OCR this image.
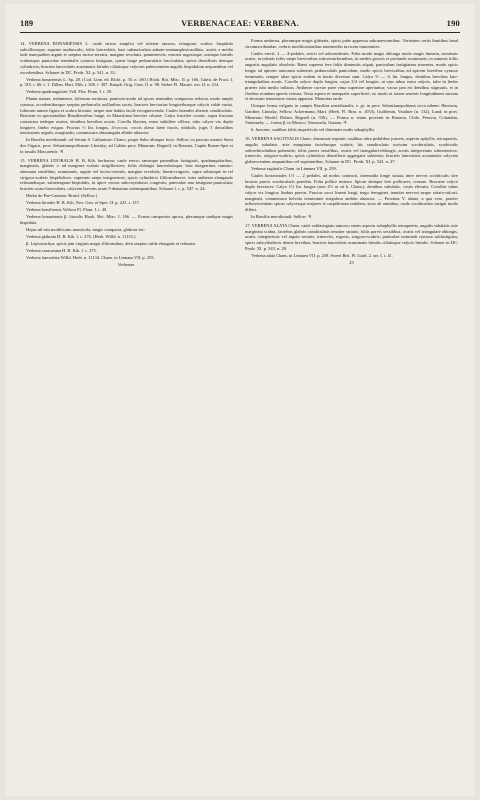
189	VERBENACEAE: VERBENA.	190

14. VERBENA BONARIENSIS L. caule stricto simplici vel inferne ramoso, tetragono, scabro, hispidulo subvillosoque, superne nudiusculo; foliis lanceolatis, basi subauriculata adnato-semiamplexicaulibus, acutis a medio inde inaequaliter argute et saepius inciso-serratis, margine revolutis, penninerviis, venosis rugosisque, utrinque hirtulis scabrisque; paniculae terminalis cymosa fastigiata, cymis longe pedunculatis fasciculatis; spicis densifloris demque cylindricis; bracteis lanceolatis acuminatis hirtulis ciliatisque calycem pubescentem angulis hispidulum aequantibus vel excedentibus. Schauer in DC. Prodr. XI. p. 541. n. 33.

Verbena bonariensis L. Sp. 28. (Cod. Linn. ed. Richt. p. 35. n. 160.) Hook. Bot. Misc. II. p. 166. Gärtn. de Fruct. I. p. 315. t. 66. f. 1. Dillen. Hort. Elth. t. 300. f. 387. Knuph. Orig. Cent. II. n. 98. Sieber Fl. Maurit. exs. II. n. 214.

Verbena quadrangularis Vell. Flor. Flum. I. t. 39.

Planta statura, indumento, foliorum serratura, panicula modo ad spicas nonnullas compactas reducta, modo amplo cymosa, accedentibusque saepius pedunculis axillaribus sacris, bracteis breviorius longioribusque calycis valde variat, foliorum tamen figura et scabra hirsutie, neque non habitu facile recognoscenda. Caules laterales alternis canaliculatis. Bracteae in speciminibus Brasiliensibus longe, in Mauritiana breviter ciliatae. Calyx fructifer ovatus, supra fructum contractus indeque acutus, dentibus brevibus acutis. Corolla lilacina, extus subtiliter villosa, tubo calyce vix duplo longiore, limbo exiguo. Fructus ½ lin. longus, 4-coccus, coccis dorso laete fuscis, nitidulis, jugis 3 dorsalibus tenuissimis argutis, marginalis, commissura obtusangula albido-alutacea.

In Brasilia meridionali: ad fretum S. Catharinae: Cham.; prope Salto altinque locis: Sellow; in pascuis montis Serra dos Orgaos, prov. Sebastianopolitanae: Lhotzky; ad Caldas prov. Minarum: Regnell; in Bonaria, Capite Bonae-Spei et in insulis Mascarenis. ♃

15. VERBENA LITORALIS H. B. Kth. herbacea; caule erecto ramisque patentibus fastigiatis, quadrangularibus, marginatis, glabris v. ad margines scabris strigillosisve; foliis oblongis lanceolatisque, basi integerrima cuneato-attenuata sessilibus, acuminatis, argute vel inciso-serratis, margine revolutis, lineato-rugosis, supra subtusque in rel strigoso-scabris hispidulisve, supremis saepe integerrimis; spicis cylindricis filiformibusve, inter anthesin elongando relaxandisque, subtetragono-hispidulis, in apice versus subcorymbosis congestis; paniculae ana fastigiato-paniculata; bracteis ovato-lanceolatis, calycem brevem acute 5-dentatum subaequantibus. Schauer l. c. p. 547. n. 24.

Herba do Pae-Caetano: Brasil. (Sellow.)

Verbena litoralis H. B. Kth. Nov. Gen. et Spec. II. p. 223. t. 137.

Verbena brasiliensis Velloso Fl. Flum. I. t. 40.

Verbena bonariensis β. litoralis Hook. Bot. Misc. I. 166. — Forma campestris aprica, plerumque undique magis hispidula.

Hujus nil nisi modificatio monticola, magis compacta, glabrior est:

Verbena glabrata H. B. Kth. l. c. 276. (Herb. Willd. n. 11133.)

β. Leptostachya: spicis jam virginis magis filiformibus, dein saepius valde elongatis et relaxatis.

Verbena caracasana H. B. Kth. l. c. 275.

Verbena lanceolata Willd. Herb. n. 11134. Cham. in Linnaea VII. p. 255.

Verbenae.

Forma umbrosa, plerumque magis glabrata, spicis pube appressa subcanescentibus. Varietates certis limitibus haud circumscribendae, crebris modificationibus intermediis invicem transeuntes.

Caules erecti, 2 — 4-pedales, stricti vel adscendentes. Folia modo magis oblonga modo magis linearia, serraturis acutis, in infimis foliis saepe brevioribus subcrenaeformibus, in mediis grossis et profunde acuminatis; in summis foliis angustis angulatis obsoletis. Rami supremi fere foliis diminutis stipati, paniculam fastigiatam struentes, modo spicis longis ad apicem ramorum subternis pedunculatis paniculam, modo spicis brevioribus ad apicem brevibus cymose terminatis; semper aliae spicis eodem in hortis diversae sunt. Calyx ⅔ — ¾ lin. longus, dentibus brevibus lato-triangularibus acutis. Corolla calyce duplo longior, cujus 3/4 vel longior, ut ejus tubus extra calycis, tubo in limbo praeter tubi medio inflatus. Antherae curvae pone rima superiore aperiuntur; vacua jam est dentibus stigmatis, et in floribus nondum apertis retrusa. Testa aspera et inaequalis superficiei, eo modo ut totam seminis longitudinem sursum et deorsum tenuissime striata appareat. Maturitas tarde.

Utraque forma vulgaris in campis Brasiliae meridionalis, e. gr. in prov. Sebastianopolitana circa urbem: Harrison, Gardner, Lhotzky, Sellow, Ackermann, Mart. (Herb. Fl. Bras. n. 1053), Guillemin, Vauthier (n. 132), Lund; in prov. Minarum: Riedel, Rohen, Regnell (n. 336). — Forma n. etiam provenit in Bonaria, Chile, Peruvia, Columbia, Venezuela; — forma β. in Mexico, Venezuela, Guiana. ♃

b. Junceae, caulibus foliis imperfectis vel diminutis nudis subaphyllis.

16. VERBENA SAGITTALIS Cham. rhizomate repente; caulibus ultra pedalibus junceis, aspectu aphyllis, tetraquetris, angulis subalatis, acie marginata faciebusque scabris; his canaliculatis scrissim scrobiculatis, scrobiculis subverbiculatibus puberulis; foliis parvis sessilibus, ovatis vel triangulari-oblongis, acutis integerrimis subserratisve, trinerviis, strigoso-scabris; spicis cylindricis densifloris aggregatis subternis; bracteis lanceolatis acuminatis calycem glabrescentem aequantibus vel superantibus. Schauer in DC. Prodr. XI. p. 543. n. 27.

Verbena sagittalis Cham. in Linnaea VII. p. 259.

Caules horizontales 1½ — 2 pedales, ad nodos contracti, internodia longe striata, inter nervos scrobiculis sive lacunis parvis scrobiculatis praedita. Folia pollice minora. Spicae denique fere pollicares, crassae. Bracteae calyce duplo breviores. Calyx 1⅓ lin. longus (non 4⅓ ut sit h. Cham.), dentibus subulatis, costis elevatis. Corollae tubus calyce vix longior; limbus parvus. Fructus cocci lineari longi, tergo ferruginei, tenuiter nervosi neque striato-sulcati, marginati, commissura helvola tenuissime strigulosa ambitu alutacea. — Proxima V. alatae, a qua vero, praeter inflorescentiam spicas calycesque majores et carpidiorum indolem, sicut ab omnibus, caule scrobiculato insigni modo differt.

In Brasilia meridionali: Sellow. ♃

17. VERBENA ALATA Cham. caule subfastigiato ramoso; ramis aspectu subaphyllis tetraquetris, angulis subalatis acie marginata scabra, faciebus glabris canaliculatis tenuiter striatis; foliis parvis sessilibus, ovatis vel triangulari-oblongis, acutis, integerrimis vel argute serratis, trinerviis, rugosis, strigoso-scabris; paniculae terminali cymosa subfastigiata; spicis subcylindricis densis brevibus, bracteis lanceolatis acuminatis hirtulis ciliatisque calycis hirtulis. Schauer in DC. Prodr. XI. p. 543. n. 28.

Verbena alata Cham. in Linnaea VII. p. 258. Sweet Brit. Fl. Gard. 2. ser. I. t. 41.

25
